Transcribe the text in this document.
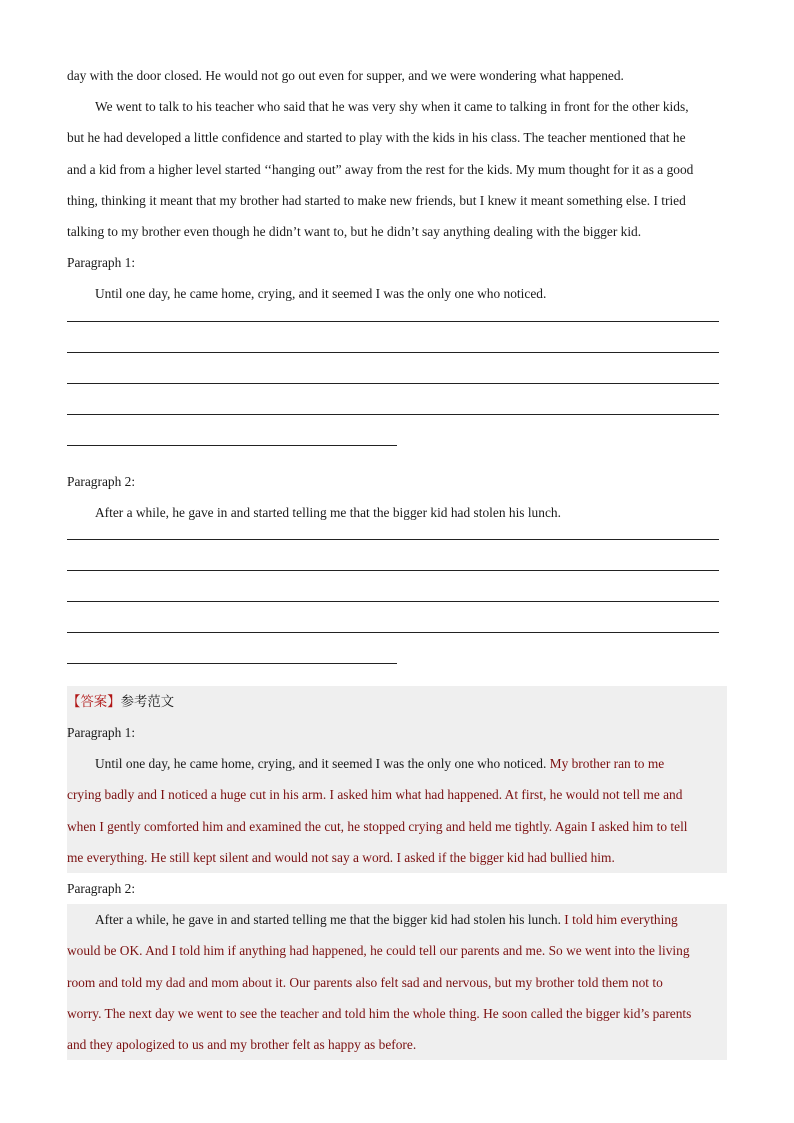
day with the door closed. He would not go out even for supper, and we were wondering what happened.
We went to talk to his teacher who said that he was very shy when it came to talking in front for the other kids,
but he had developed a little confidence and started to play with the kids in his class. The teacher mentioned that he
and a kid from a higher level started ‘‘hanging out” away from the rest for the kids. My mum thought for it as a good
thing, thinking it meant that my brother had started to make new friends, but I knew it meant something else. I tried
talking to my brother even though he didn’t want to, but he didn’t say anything dealing with the bigger kid.
Paragraph 1:
Until one day, he came home, crying, and it seemed I was the only one who noticed.
Paragraph 2:
After a while, he gave in and started telling me that the bigger kid had stolen his lunch.
【答案】参考范文
Paragraph 1:
Until one day, he came home, crying, and it seemed I was the only one who noticed. My brother ran to me
crying badly and I noticed a huge cut in his arm. I asked him what had happened. At first, he would not tell me and
when I gently comforted him and examined the cut, he stopped crying and held me tightly. Again I asked him to tell
me everything. He still kept silent and would not say a word. I asked if the bigger kid had bullied him.
Paragraph 2:
After a while, he gave in and started telling me that the bigger kid had stolen his lunch. I told him everything
would be OK. And I told him if anything had happened, he could tell our parents and me. So we went into the living
room and told my dad and mom about it. Our parents also felt sad and nervous, but my brother told them not to
worry. The next day we went to see the teacher and told him the whole thing. He soon called the bigger kid’s parents
and they apologized to us and my brother felt as happy as before.
